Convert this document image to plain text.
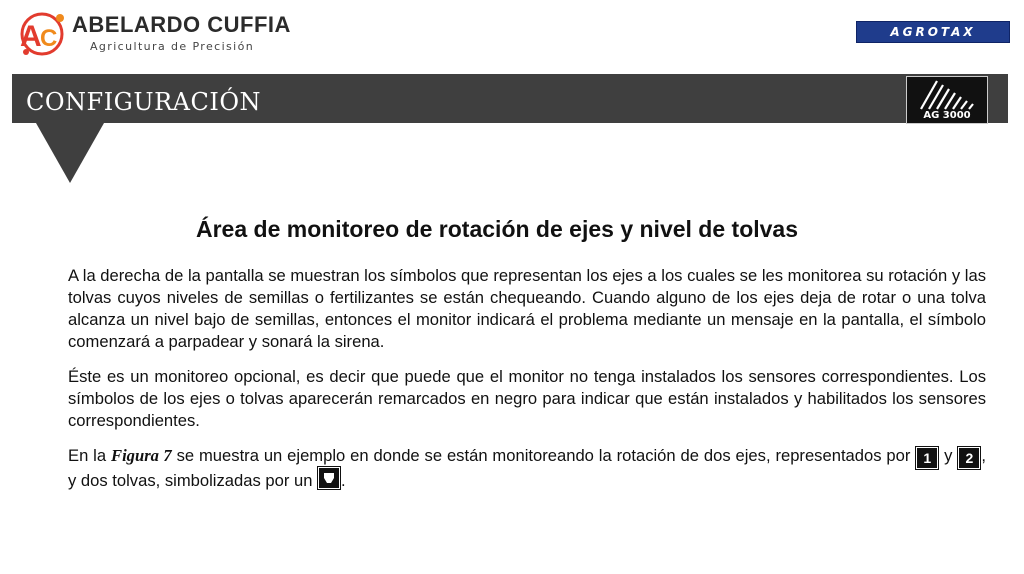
A
C
ABELARDO CUFFIA
Agricultura de Precisión
AGROTAX
CONFIGURACIÓN	AG 3000
Área de monitoreo de rotación de ejes y nivel de tolvas

A la derecha de la pantalla se muestran los símbolos que representan los ejes a los cuales se les monitorea su rotación y las tolvas cuyos niveles de semillas o fertilizantes se están chequeando. Cuando alguno de los ejes deja de rotar o una tolva alcanza un nivel bajo de semillas, entonces el monitor indicará el problema mediante un mensaje en la pantalla, el símbolo comenzará a parpadear y sonará la sirena.

Éste es un monitoreo opcional, es decir que puede que el monitor no tenga instalados los sensores correspondientes. Los símbolos de los ejes o tolvas aparecerán remarcados en negro para indicar que están instalados y habilitados los sensores correspondientes.

En la Figura 7 se muestra un ejemplo en donde se están monitoreando la rotación de dos ejes, representados por 1 y 2 , y dos tolvas, simbolizadas por un
.
